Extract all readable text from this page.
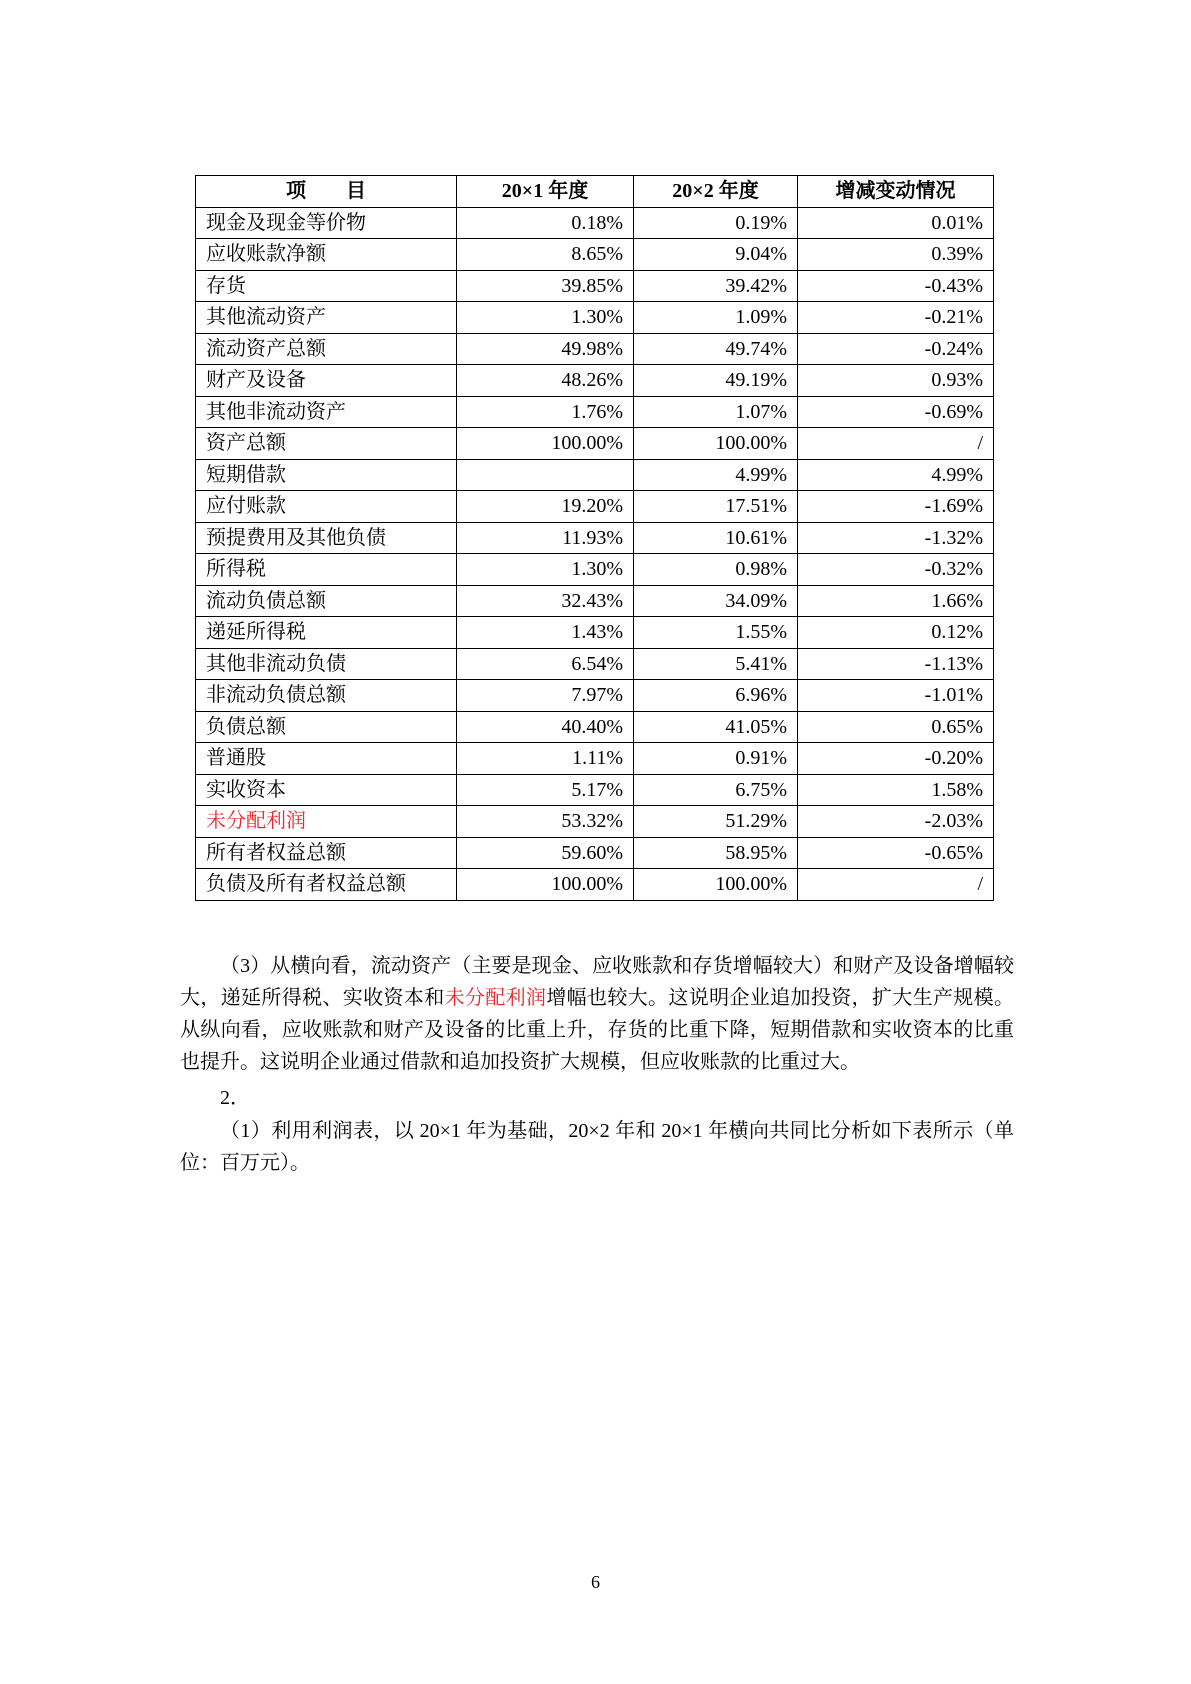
项　　目	20×1 年度	20×2 年度	增减变动情况
现金及现金等价物	0.18%	0.19%	0.01%
应收账款净额	8.65%	9.04%	0.39%
存货	39.85%	39.42%	-0.43%
其他流动资产	1.30%	1.09%	-0.21%
流动资产总额	49.98%	49.74%	-0.24%
财产及设备	48.26%	49.19%	0.93%
其他非流动资产	1.76%	1.07%	-0.69%
资产总额	100.00%	100.00%	/
短期借款		4.99%	4.99%
应付账款	19.20%	17.51%	-1.69%
预提费用及其他负债	11.93%	10.61%	-1.32%
所得税	1.30%	0.98%	-0.32%
流动负债总额	32.43%	34.09%	1.66%
递延所得税	1.43%	1.55%	0.12%
其他非流动负债	6.54%	5.41%	-1.13%
非流动负债总额	7.97%	6.96%	-1.01%
负债总额	40.40%	41.05%	0.65%
普通股	1.11%	0.91%	-0.20%
实收资本	5.17%	6.75%	1.58%
未分配利润	53.32%	51.29%	-2.03%
所有者权益总额	59.60%	58.95%	-0.65%
负债及所有者权益总额	100.00%	100.00%	/

（3）从横向看，流动资产（主要是现金、应收账款和存货增幅较大）和财产及设备增幅较大，递延所得税、实收资本和未分配利润增幅也较大。这说明企业追加投资，扩大生产规模。从纵向看，应收账款和财产及设备的比重上升，存货的比重下降，短期借款和实收资本的比重也提升。这说明企业通过借款和追加投资扩大规模，但应收账款的比重过大。

2．

（1）利用利润表，以 20×1 年为基础，20×2 年和 20×1 年横向共同比分析如下表所示（单位：百万元）。

6
